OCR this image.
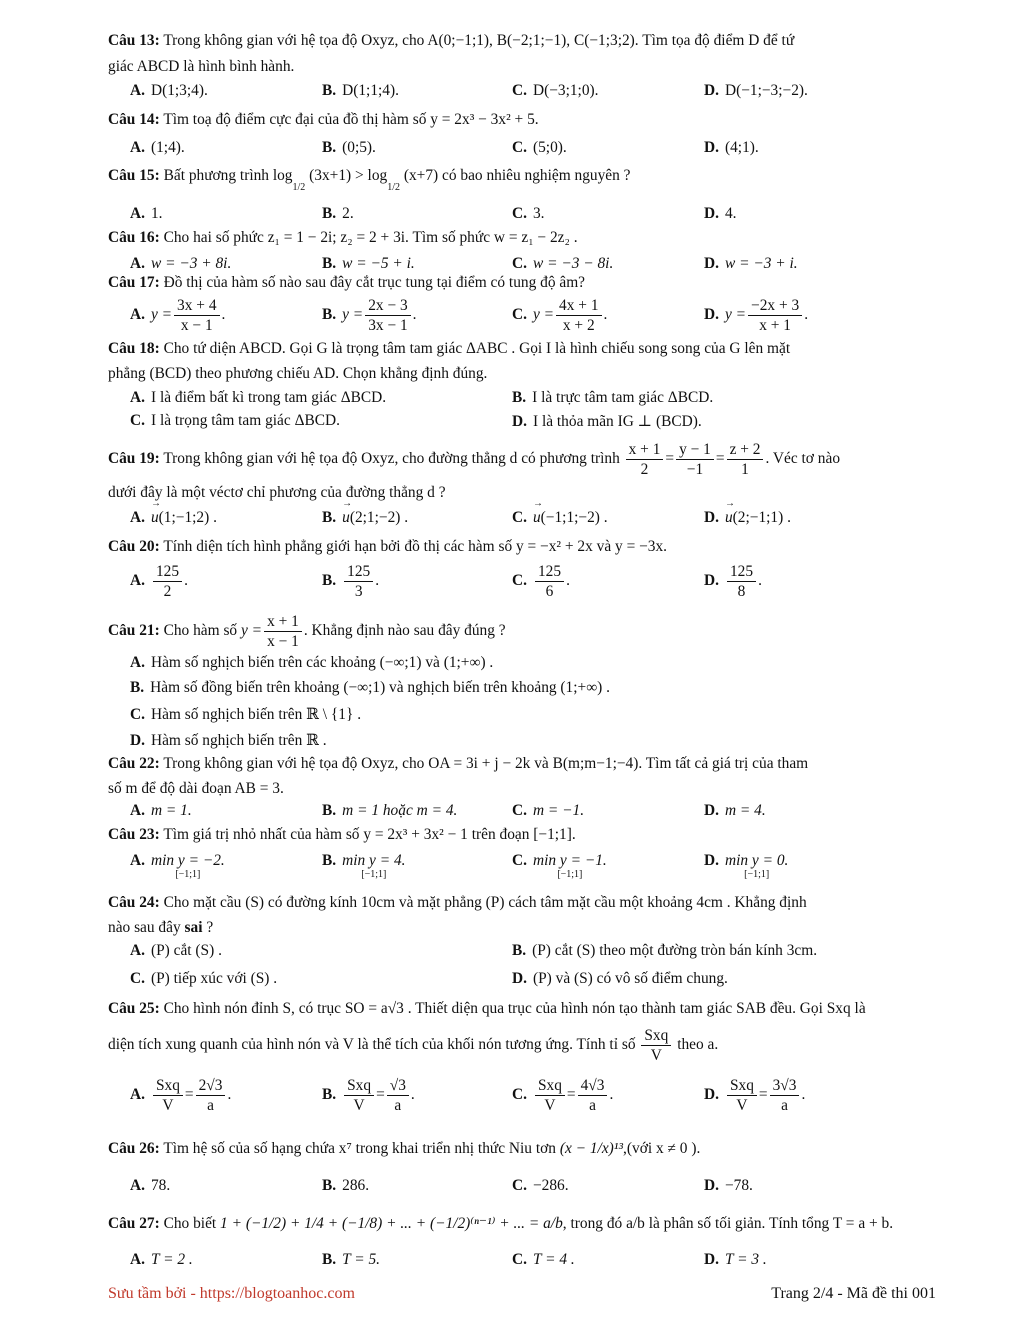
Câu 13: Trong không gian với hệ tọa độ Oxyz, cho A(0;−1;1), B(−2;1;−1), C(−1;3;2). Tìm tọa độ điểm D để tứ
giác ABCD là hình bình hành.
A. D(1;3;4).	B. D(1;1;4).	C. D(−3;1;0).	D. D(−1;−3;−2).
Câu 14: Tìm toạ độ điểm cực đại của đồ thị hàm số y = 2x³ − 3x² + 5.
A. (1;4).	B. (0;5).	C. (5;0).	D. (4;1).
Câu 15: Bất phương trình log
1/2
(3x+1) > log
1/2
(x+7) có bao nhiêu nghiệm nguyên ?
A. 1.	B. 2.	C. 3.	D. 4.
Câu 16: Cho hai số phức z₁ = 1 − 2i; z₂ = 2 + 3i. Tìm số phức w = z₁ − 2z₂ .
A. w = −3 + 8i.	B. w = −5 + i.	C. w = −3 − 8i.	D. w = −3 + i.
Câu 17: Đồ thị của hàm số nào sau đây cắt trục tung tại điểm có tung độ âm?
A. $y = \frac{3x + 4}{x - 1}$ .	B. $y = \frac{2x - 3}{3x - 1}$ .	C. $y = \frac{4x + 1}{x + 2}$ .	D. $y = \frac{-2x + 3}{x + 1}$ .
Câu 18: Cho tứ diện ABCD. Gọi G là trọng tâm tam giác ΔABC . Gọi I là hình chiếu song song của G lên mặt
phẳng (BCD) theo phương chiếu AD. Chọn khẳng định đúng.
A. I là điểm bất kì trong tam giác ΔBCD.	B. I là trực tâm tam giác ΔBCD.
C. I là trọng tâm tam giác ΔBCD.	D. I là thỏa mãn IG ⊥ (BCD).
Câu 19: Trong không gian với hệ tọa độ Oxyz, cho đường thẳng d có phương trình $\frac{x + 1}{2} = \frac{y - 1}{-1} = \frac{z + 2}{1}$ . Véc tơ nào
dưới đây là một véctơ chỉ phương của đường thẳng d ?
A. → u(1;−1;2) .	B. → u(2;1;−2) .	C. → u(−1;1;−2) .	D. → u(2;−1;1) .
Câu 20: Tính diện tích hình phẳng giới hạn bởi đồ thị các hàm số y = −x² + 2x và y = −3x.
A. $\frac{125}{2}$ .	B. $\frac{125}{3}$ .	C. $\frac{125}{6}$ .	D. $\frac{125}{8}$ .
Câu 21: Cho hàm số $y = \frac{x + 1}{x - 1}$ . Khẳng định nào sau đây đúng ?
A. Hàm số nghịch biến trên các khoảng (−∞;1) và (1;+∞) .
B. Hàm số đồng biến trên khoảng (−∞;1) và nghịch biến trên khoảng (1;+∞) .
C. Hàm số nghịch biến trên ℝ \ {1} .
D. Hàm số nghịch biến trên ℝ .
Câu 22: Trong không gian với hệ tọa độ Oxyz, cho OA = 3i + j − 2k và B(m;m−1;−4). Tìm tất cả giá trị của tham
số m để độ dài đoạn AB = 3.
A. m = 1.	B. m = 1 hoặc m = 4.	C. m = −1.	D. m = 4.
Câu 23: Tìm giá trị nhỏ nhất của hàm số y = 2x³ + 3x² − 1 trên đoạn [−1;1].
A. min y = −2.
[−1;1]
B. min y = 4.
[−1;1]
C. min y = −1.
[−1;1]
D. min y = 0.
[−1;1]
Câu 24: Cho mặt cầu (S) có đường kính 10cm và mặt phẳng (P) cách tâm mặt cầu một khoảng 4cm . Khẳng định
nào sau đây sai ?
A. (P) cắt (S) .	B. (P) cắt (S) theo một đường tròn bán kính 3cm.
C. (P) tiếp xúc với (S) .	D. (P) và (S) có vô số điểm chung.
Câu 25: Cho hình nón đỉnh S, có trục SO = a√3 . Thiết diện qua trục của hình nón tạo thành tam giác SAB đều. Gọi Sxq là
diện tích xung quanh của hình nón và V là thể tích của khối nón tương ứng. Tính tỉ số
Sxq
V
theo a.
A.
Sxq
V
= $\frac{2√3}{a}$ .	B.
Sxq
V
= $\frac{√3}{a}$ .	C.
Sxq
V
= $\frac{4√3}{a}$ .	D.
Sxq
V
= $\frac{3√3}{a}$ .
Câu 26: Tìm hệ số của số hạng chứa x⁷ trong khai triển nhị thức Niu tơn (x − 1/x)¹³,(với x ≠ 0 ).
A. 78.	B. 286.	C. −286.	D. −78.
Câu 27: Cho biết 1 + (−1/2) + 1/4 + (−1/8) + ... + (−1/2)⁽ⁿ⁻¹⁾ + ... = a/b, trong đó a/b là phân số tối giản. Tính tổng T = a + b.
A. T = 2 .	B. T = 5.	C. T = 4 .	D. T = 3 .
Sưu tầm bởi - https://blogtoanhoc.com	Trang 2/4 - Mã đề thi 001
